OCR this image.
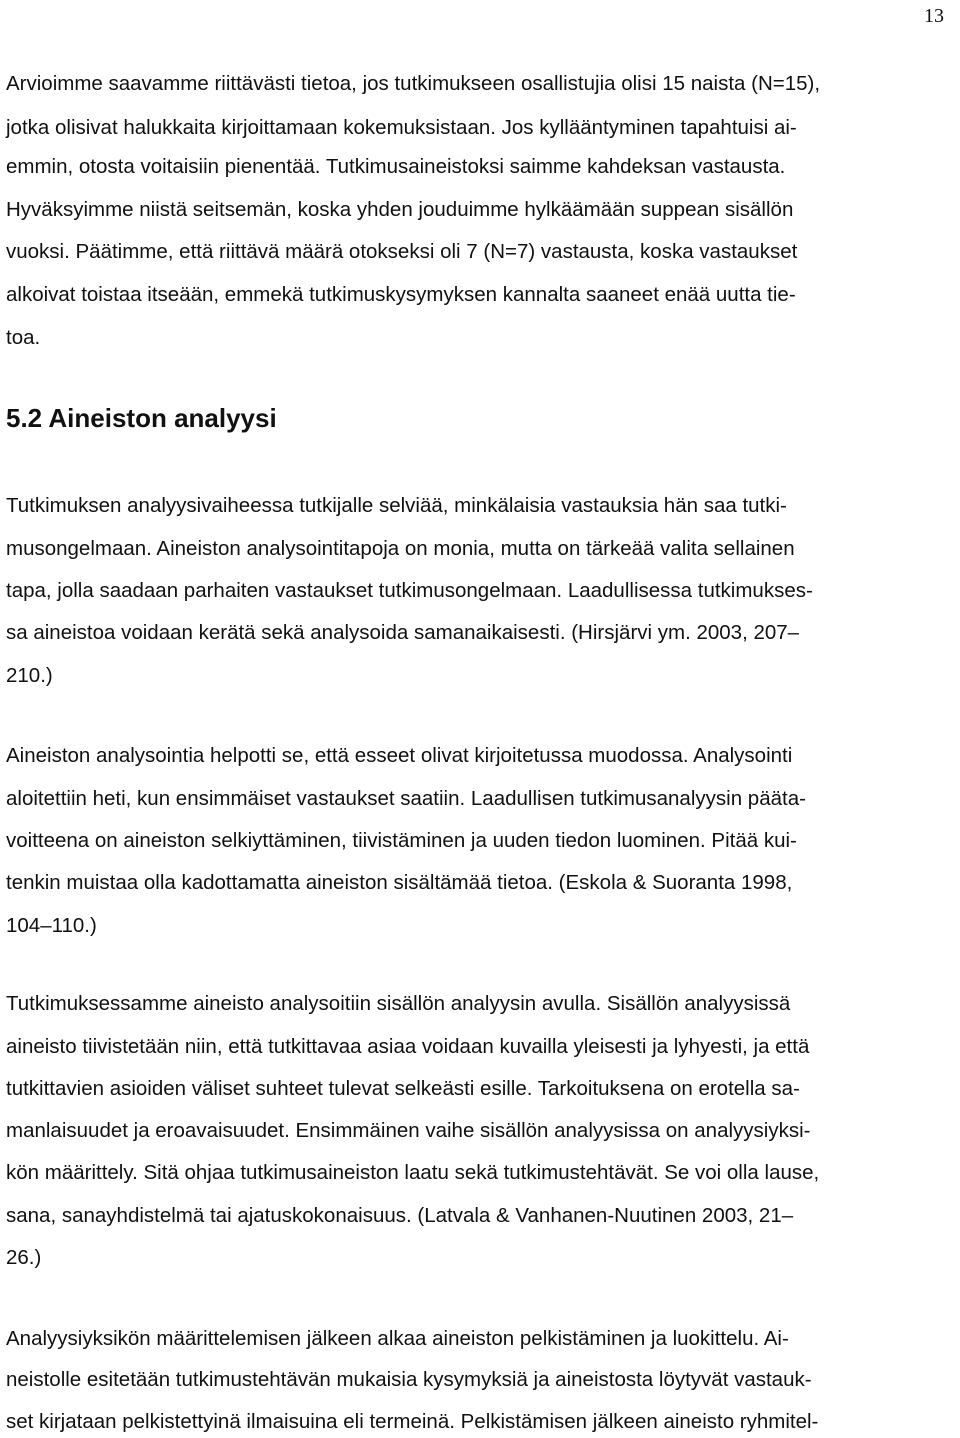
13

Arvioimme saavamme riittävästi tietoa, jos tutkimukseen osallistujia olisi 15 naista (N=15),

jotka olisivat halukkaita kirjoittamaan kokemuksistaan. Jos kyllääntyminen tapahtuisi ai-

emmin, otosta voitaisiin pienentää. Tutkimusaineistoksi saimme kahdeksan vastausta.

Hyväksyimme niistä seitsemän, koska yhden jouduimme hylkäämään suppean sisällön

vuoksi. Päätimme, että riittävä määrä otokseksi oli 7 (N=7) vastausta, koska vastaukset

alkoivat toistaa itseään, emmekä tutkimuskysymyksen kannalta saaneet enää uutta tie-

toa.

5.2 Aineiston analyysi

Tutkimuksen analyysivaiheessa tutkijalle selviää, minkälaisia vastauksia hän saa tutki-

musongelmaan. Aineiston analysointitapoja on monia, mutta on tärkeää valita sellainen

tapa, jolla saadaan parhaiten vastaukset tutkimusongelmaan. Laadullisessa tutkimukses-

sa aineistoa voidaan kerätä sekä analysoida samanaikaisesti. (Hirsjärvi ym. 2003, 207–

210.)

Aineiston analysointia helpotti se, että esseet olivat kirjoitetussa muodossa. Analysointi

aloitettiin heti, kun ensimmäiset vastaukset saatiin. Laadullisen tutkimusanalyysin pääta-

voitteena on aineiston selkiyttäminen, tiivistäminen ja uuden tiedon luominen. Pitää kui-

tenkin muistaa olla kadottamatta aineiston sisältämää tietoa. (Eskola & Suoranta 1998,

104–110.)

Tutkimuksessamme aineisto analysoitiin sisällön analyysin avulla. Sisällön analyysissä

aineisto tiivistetään niin, että tutkittavaa asiaa voidaan kuvailla yleisesti ja lyhyesti, ja että

tutkittavien asioiden väliset suhteet tulevat selkeästi esille. Tarkoituksena on erotella sa-

manlaisuudet ja eroavaisuudet. Ensimmäinen vaihe sisällön analyysissa on analyysiyksi-

kön määrittely. Sitä ohjaa tutkimusaineiston laatu sekä tutkimustehtävät. Se voi olla lause,

sana, sanayhdistelmä tai ajatuskokonaisuus. (Latvala & Vanhanen-Nuutinen 2003, 21–

26.)

Analyysiyksikön määrittelemisen jälkeen alkaa aineiston pelkistäminen ja luokittelu. Ai-

neistolle esitetään tutkimustehtävän mukaisia kysymyksiä ja aineistosta löytyvät vastauk-

set kirjataan pelkistettyinä ilmaisuina eli termeinä. Pelkistämisen jälkeen aineisto ryhmitel-
